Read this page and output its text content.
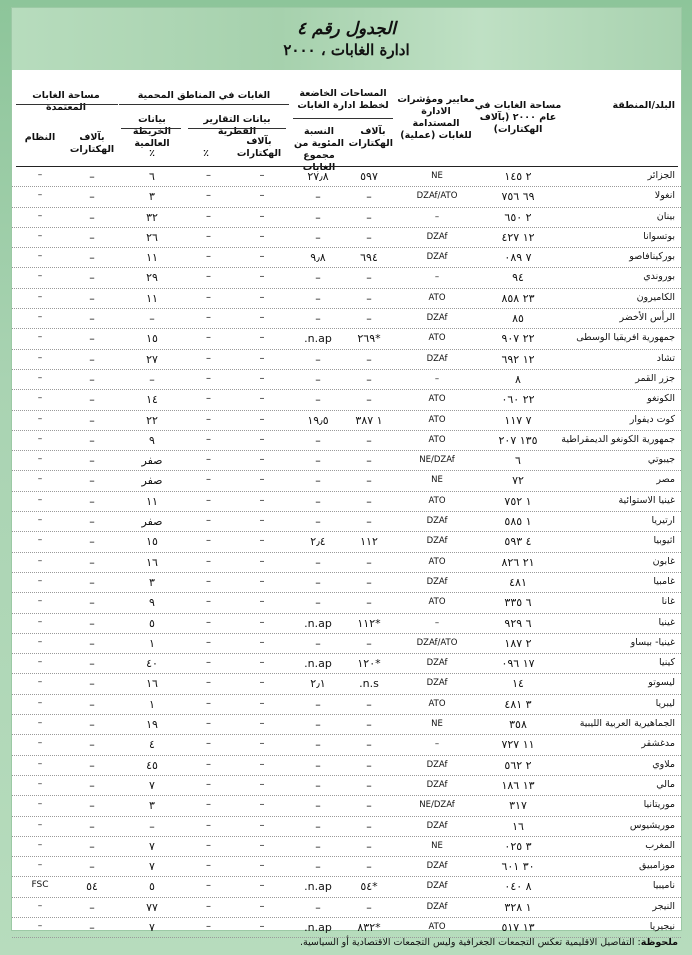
الجدول رقم ٤
ادارة الغابات ، ٢٠٠٠
البلد/المنطقة
مساحة الغابات في عام ٢٠٠٠ (بآلاف الهكتارات)
معايير ومؤشرات الادارة المستدامة للغابات (عملية)
المساحات الخاضعة لخطط ادارة الغابات
بآلاف الهكتارات
النسبة المئوية من مجموع الغابات
الغابات في المناطق المحمية
بيانات التقارير القطرية
بآلاف الهكتارات
٪
بيانات الخريطة العالمية
٪
مساحة الغابات المعتمدة
بآلاف الهكتارات
النظام
الجزائر
٢ ١٤٥
NE
٥٩٧
٢٧٫٨
–
–
٦
–
–
انغولا
٦٩ ٧٥٦
DZAf/ATO
–
–
–
–
٣
–
–
بينان
٢ ٦٥٠
–
–
–
–
–
٣٢
–
–
بوتسوانا
١٢ ٤٢٧
DZAf
–
–
–
–
٢٦
–
–
بوركينافاصو
٧ ٠٨٩
DZAf
٦٩٤
٩٫٨
–
–
١١
–
–
بوروندي
٩٤
–
–
–
–
–
٢٩
–
–
الكاميرون
٢٣ ٨٥٨
ATO
–
–
–
–
١١
–
–
الرأس الأخضر
٨٥
DZAf
–
–
–
–
–
–
–
جمهورية افريقيا الوسطى
٢٢ ٩٠٧
ATO
*٢٦٩
n.ap.
–
–
١٥
–
–
تشاد
١٢ ٦٩٢
DZAf
–
–
–
–
٢٧
–
–
جزر القمر
٨
–
–
–
–
–
–
–
–
الكونغو
٢٢ ٠٦٠
ATO
–
–
–
–
١٤
–
–
كوت ديفوار
٧ ١١٧
ATO
١ ٣٨٧
١٩٫٥
–
–
٢٢
–
–
جمهورية الكونغو الديمقراطية
١٣٥ ٢٠٧
ATO
–
–
–
–
٩
–
–
جيبوتي
٦
NE/DZAf
–
–
–
–
صفر
–
–
مصر
٧٢
NE
–
–
–
–
صفر
–
–
غينيا الاستوائية
١ ٧٥٢
ATO
–
–
–
–
١١
–
–
ارتيريا
١ ٥٨٥
DZAf
–
–
–
–
صفر
–
–
اثيوبيا
٤ ٥٩٣
DZAf
١١٢
٢٫٤
–
–
١٥
–
–
غابون
٢١ ٨٢٦
ATO
–
–
–
–
١٦
–
–
غامبيا
٤٨١
DZAf
–
–
–
–
٣
–
–
غانا
٦ ٣٣٥
ATO
–
–
–
–
٩
–
–
غينيا
٦ ٩٢٩
–
*١١٢
n.ap.
–
–
٥
–
–
غينيا- بيساو
٢ ١٨٧
DZAf/ATO
–
–
–
–
١
–
–
كينيا
١٧ ٠٩٦
DZAf
*١٢٠
n.ap.
–
–
٤٠
–
–
ليسوتو
١٤
DZAf
n.s.
٢٫١
–
–
١٦
–
–
ليبريا
٣ ٤٨١
ATO
–
–
–
–
١
–
–
الجماهيرية العربية الليبية
٣٥٨
NE
–
–
–
–
١٩
–
–
مدغشقر
١١ ٧٢٧
–
–
–
–
–
٤
–
–
ملاوي
٢ ٥٦٢
DZAf
–
–
–
–
٤٥
–
–
مالي
١٣ ١٨٦
DZAf
–
–
–
–
٧
–
–
موريتانيا
٣١٧
NE/DZAf
–
–
–
–
٣
–
–
موريشيوس
١٦
DZAf
–
–
–
–
–
–
–
المغرب
٣ ٠٢٥
NE
–
–
–
–
٧
–
–
موزامبيق
٣٠ ٦٠١
DZAf
–
–
–
–
٧
–
–
ناميبيا
٨ ٠٤٠
DZAf
*٥٤
n.ap.
–
–
٥
٥٤
FSC
النيجر
١ ٣٢٨
DZAf
–
–
–
–
٧٧
–
–
نيجيريا
١٣ ٥١٧
ATO
*٨٣٢
n.ap.
–
–
٧
–
–
ملحوظة: التفاصيل الاقليمية تعكس التجمعات الجغرافية وليس التجمعات الاقتصادية أو السياسية.
